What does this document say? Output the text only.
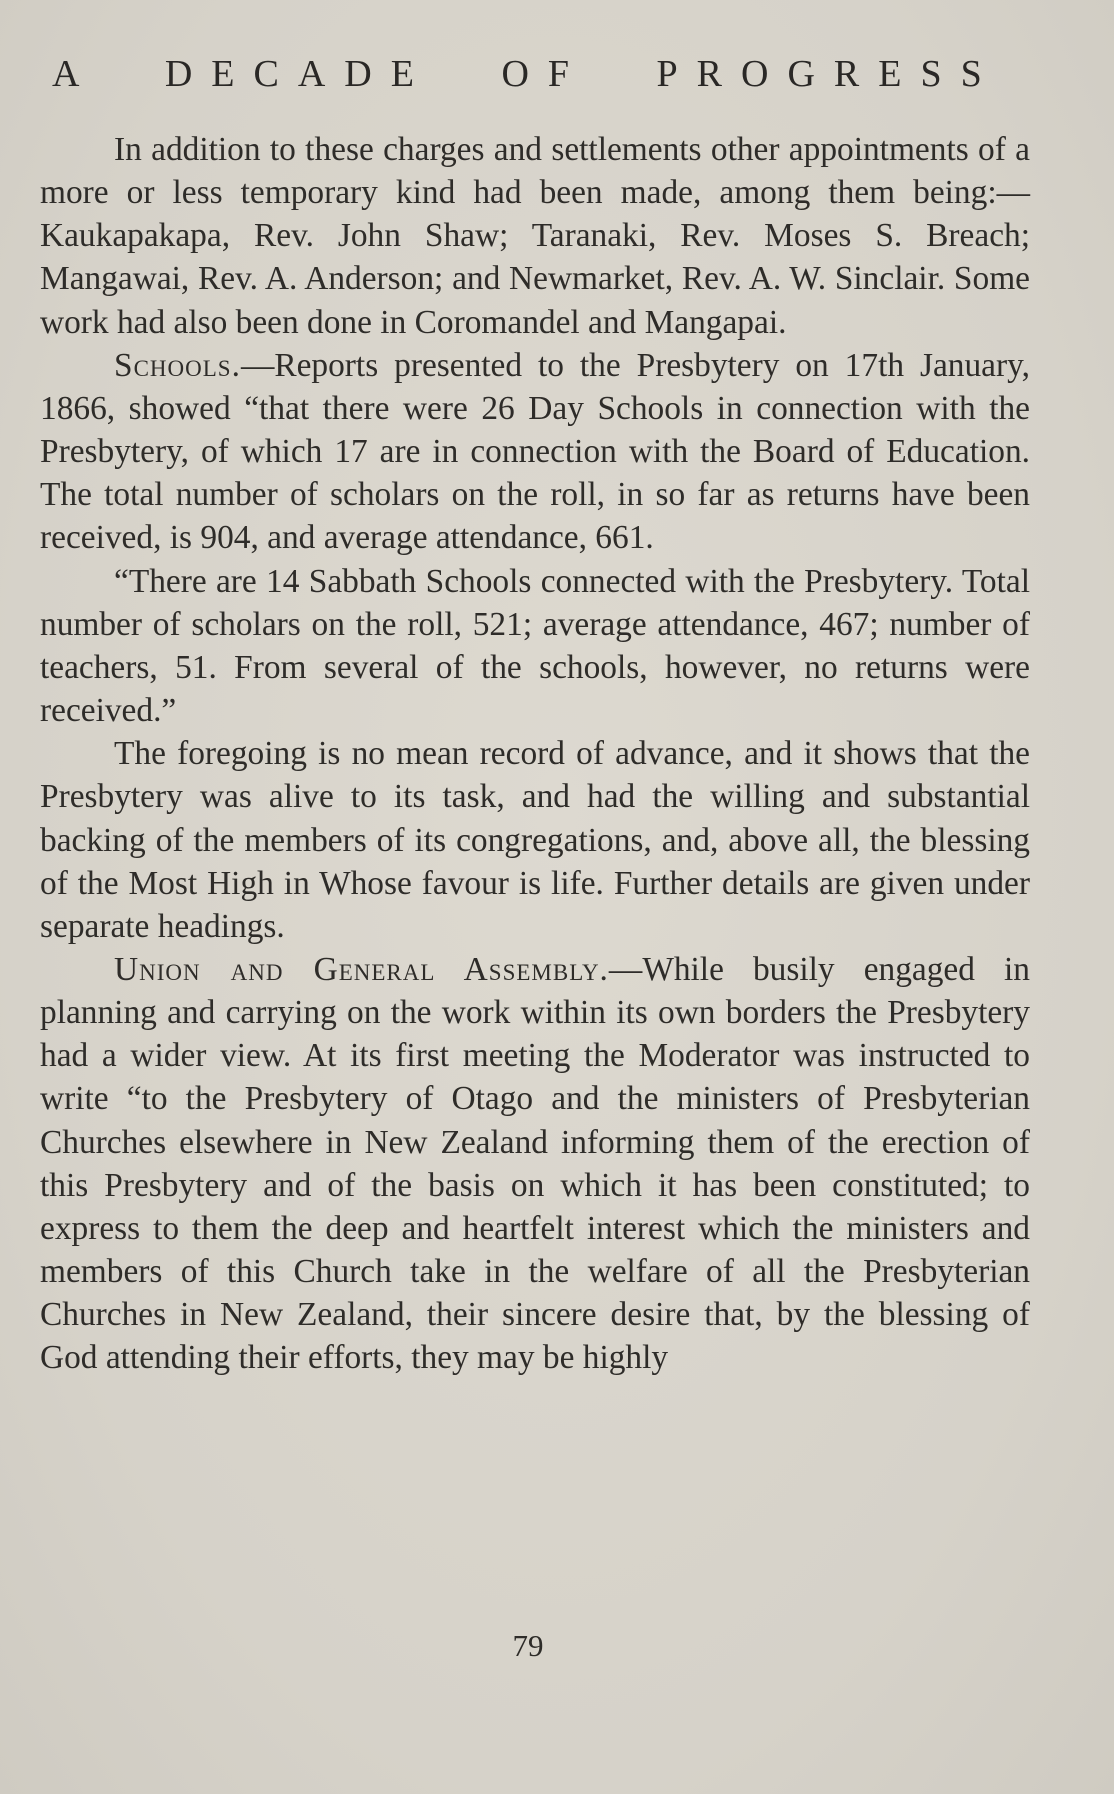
A DECADE OF PROGRESS

In addition to these charges and settlements other appointments of a more or less temporary kind had been made, among them being:—Kaukapakapa, Rev. John Shaw; Taranaki, Rev. Moses S. Breach; Mangawai, Rev. A. Anderson; and Newmarket, Rev. A. W. Sinclair. Some work had also been done in Coromandel and Mangapai.

Schools.—Reports presented to the Presbytery on 17th January, 1866, showed “that there were 26 Day Schools in connection with the Presbytery, of which 17 are in connection with the Board of Education. The total number of scholars on the roll, in so far as returns have been received, is 904, and average attendance, 661.

“There are 14 Sabbath Schools connected with the Presbytery. Total number of scholars on the roll, 521; average attendance, 467; number of teachers, 51. From several of the schools, however, no returns were received.”

The foregoing is no mean record of advance, and it shows that the Presbytery was alive to its task, and had the willing and substantial backing of the members of its congregations, and, above all, the blessing of the Most High in Whose favour is life. Further details are given under separate headings.

Union and General Assembly.—While busily engaged in planning and carrying on the work within its own borders the Presbytery had a wider view. At its first meeting the Moderator was instructed to write “to the Presbytery of Otago and the ministers of Presbyterian Churches elsewhere in New Zealand informing them of the erection of this Presbytery and of the basis on which it has been constituted; to express to them the deep and heartfelt interest which the ministers and members of this Church take in the welfare of all the Presbyterian Churches in New Zealand, their sincere desire that, by the blessing of God attending their efforts, they may be highly

79
